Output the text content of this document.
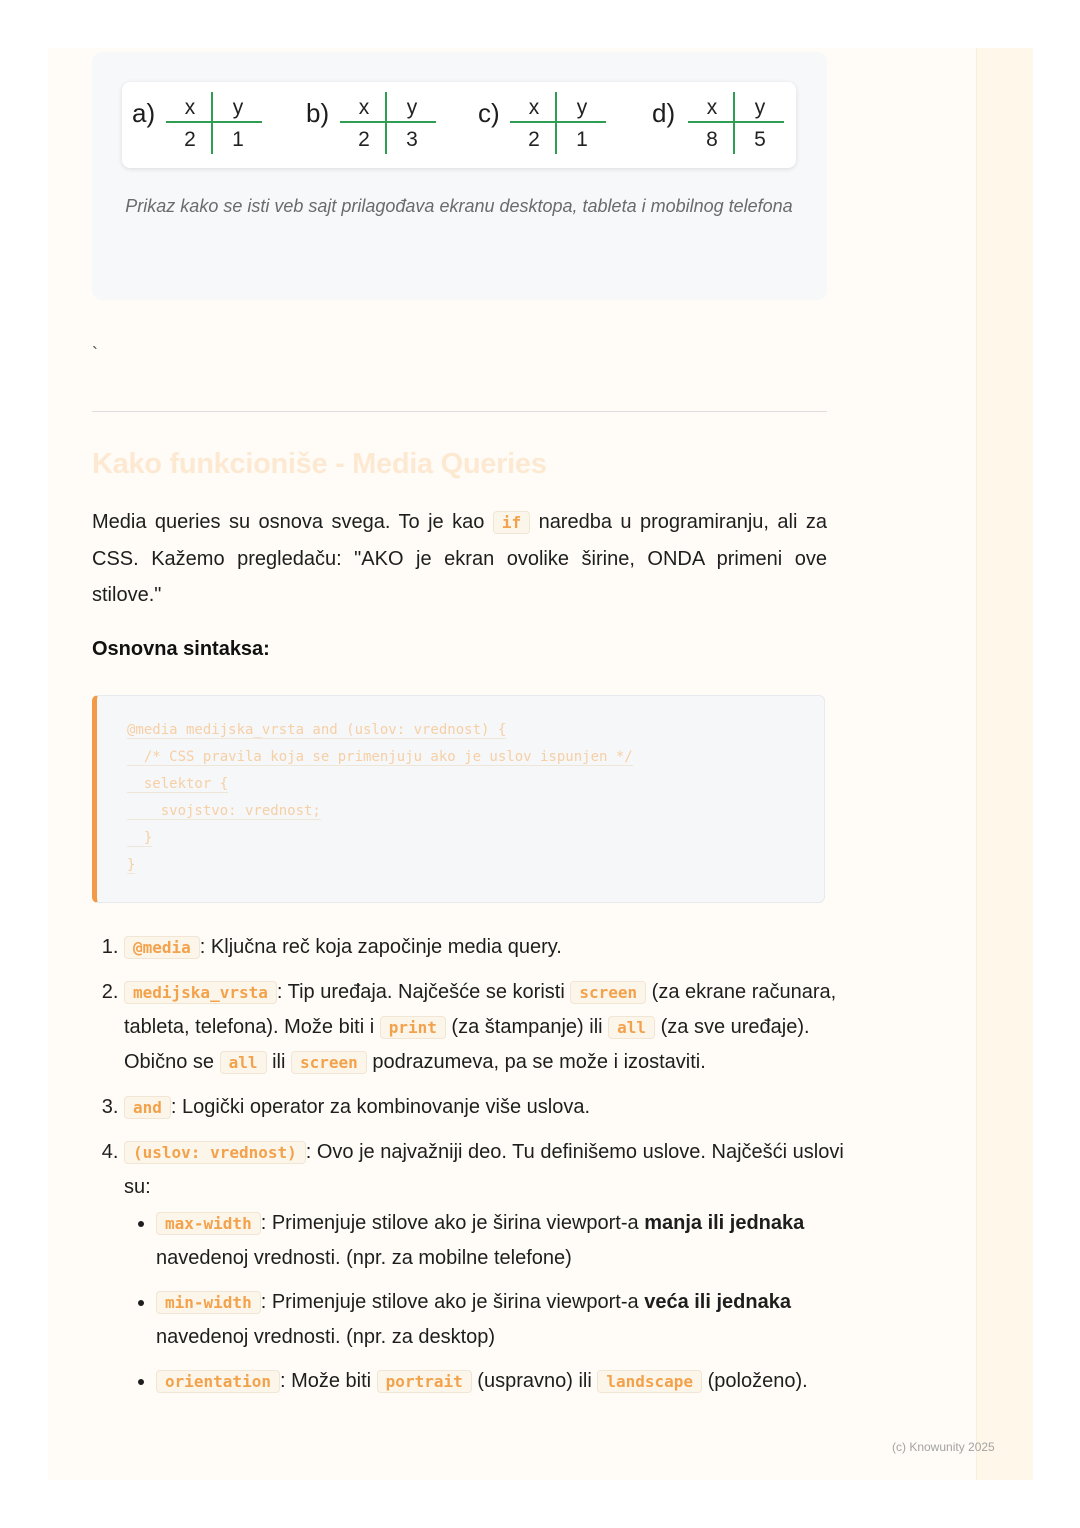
a)	x	y
2	1
b)	x	y
2	3
c)	x	y
2	1
d)	x	y
8	5
Prikaz kako se isti veb sajt prilagođava ekranu desktopa, tableta i mobilnog telefona
`
Kako funkcioniše - Media Queries
Media queries su osnova svega. To je kao if naredba u programiranju, ali za CSS. Kažemo pregledaču: "AKO je ekran ovolike širine, ONDA primeni ove stilove."
Osnovna sintaksa:
@media medijska_vrsta and (uslov: vrednost) {
/* CSS pravila koja se primenjuju ako je uslov ispunjen */
selektor {
svojstvo: vrednost;
}
}
1. @media : Ključna reč koja započinje media query.
2. medijska_vrsta : Tip uređaja. Najčešće se koristi screen (za ekrane računara, tableta, telefona). Može biti i print (za štampanje) ili all (za sve uređaje). Obično se all ili screen podrazumeva, pa se može i izostaviti.
3. and : Logički operator za kombinovanje više uslova.
4. (uslov: vrednost) : Ovo je najvažniji deo. Tu definišemo uslove. Najčešći uslovi su:
• max-width : Primenjuje stilove ako je širina viewport-a manja ili jednaka navedenoj vrednosti. (npr. za mobilne telefone)
• min-width : Primenjuje stilove ako je širina viewport-a veća ili jednaka navedenoj vrednosti. (npr. za desktop)
• orientation : Može biti portrait (uspravno) ili landscape (položeno).
(c) Knowunity 2025
